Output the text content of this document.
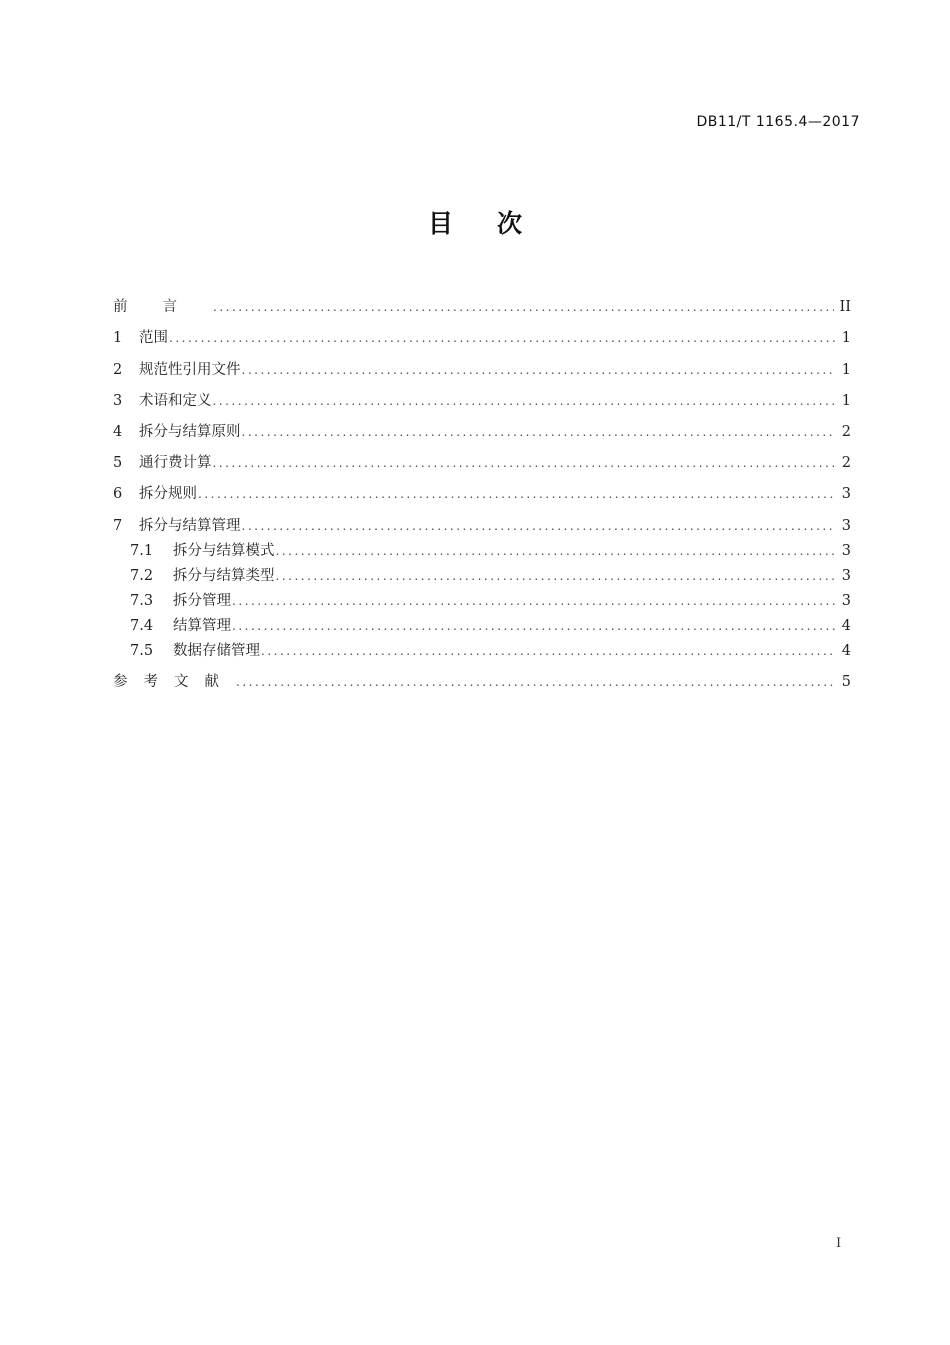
DB11/T 1165.4—2017
目次
前言 .....	II
1	范围 .....	1
2	规范性引用文件 .....	1
3	术语和定义 .....	1
4	拆分与结算原则 .....	2
5	通行费计算 .....	2
6	拆分规则 .....	3
7	拆分与结算管理 .....	3
7.1	拆分与结算模式 .....	3
7.2	拆分与结算类型 .....	3
7.3	拆分管理 .....	3
7.4	结算管理 .....	4
7.5	数据存储管理 .....	4
参考文献 .....	5
I
